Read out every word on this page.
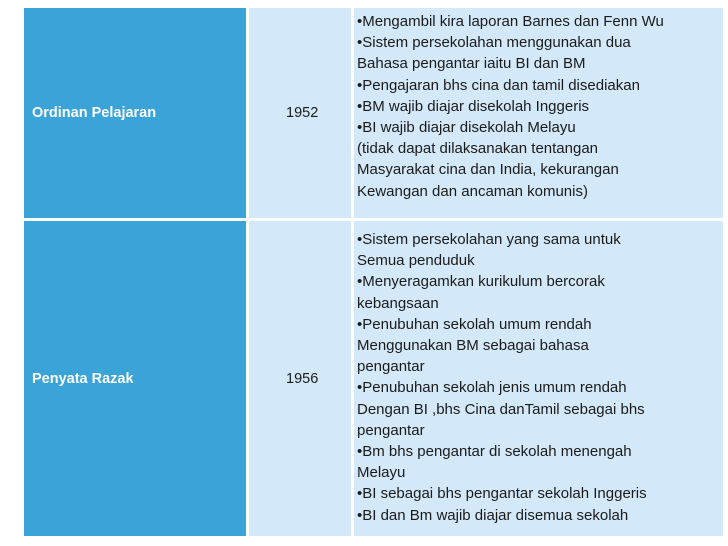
Ordinan Pelajaran	1952
•Mengambil kira laporan Barnes dan Fenn Wu
•Sistem persekolahan menggunakan dua
Bahasa pengantar iaitu BI dan BM
•Pengajaran bhs cina dan tamil disediakan
•BM wajib diajar disekolah Inggeris
•BI wajib diajar disekolah Melayu
(tidak dapat dilaksanakan tentangan
Masyarakat cina dan India, kekurangan
Kewangan dan ancaman komunis)
Penyata Razak	1956
•Sistem persekolahan yang sama untuk
Semua penduduk
•Menyeragamkan kurikulum bercorak
kebangsaan
•Penubuhan sekolah umum rendah
Menggunakan BM sebagai bahasa
pengantar
•Penubuhan sekolah jenis umum rendah
Dengan BI ,bhs Cina danTamil sebagai bhs
pengantar
•Bm bhs pengantar di sekolah menengah
Melayu
•BI sebagai bhs pengantar sekolah Inggeris
•BI dan Bm wajib diajar disemua sekolah
